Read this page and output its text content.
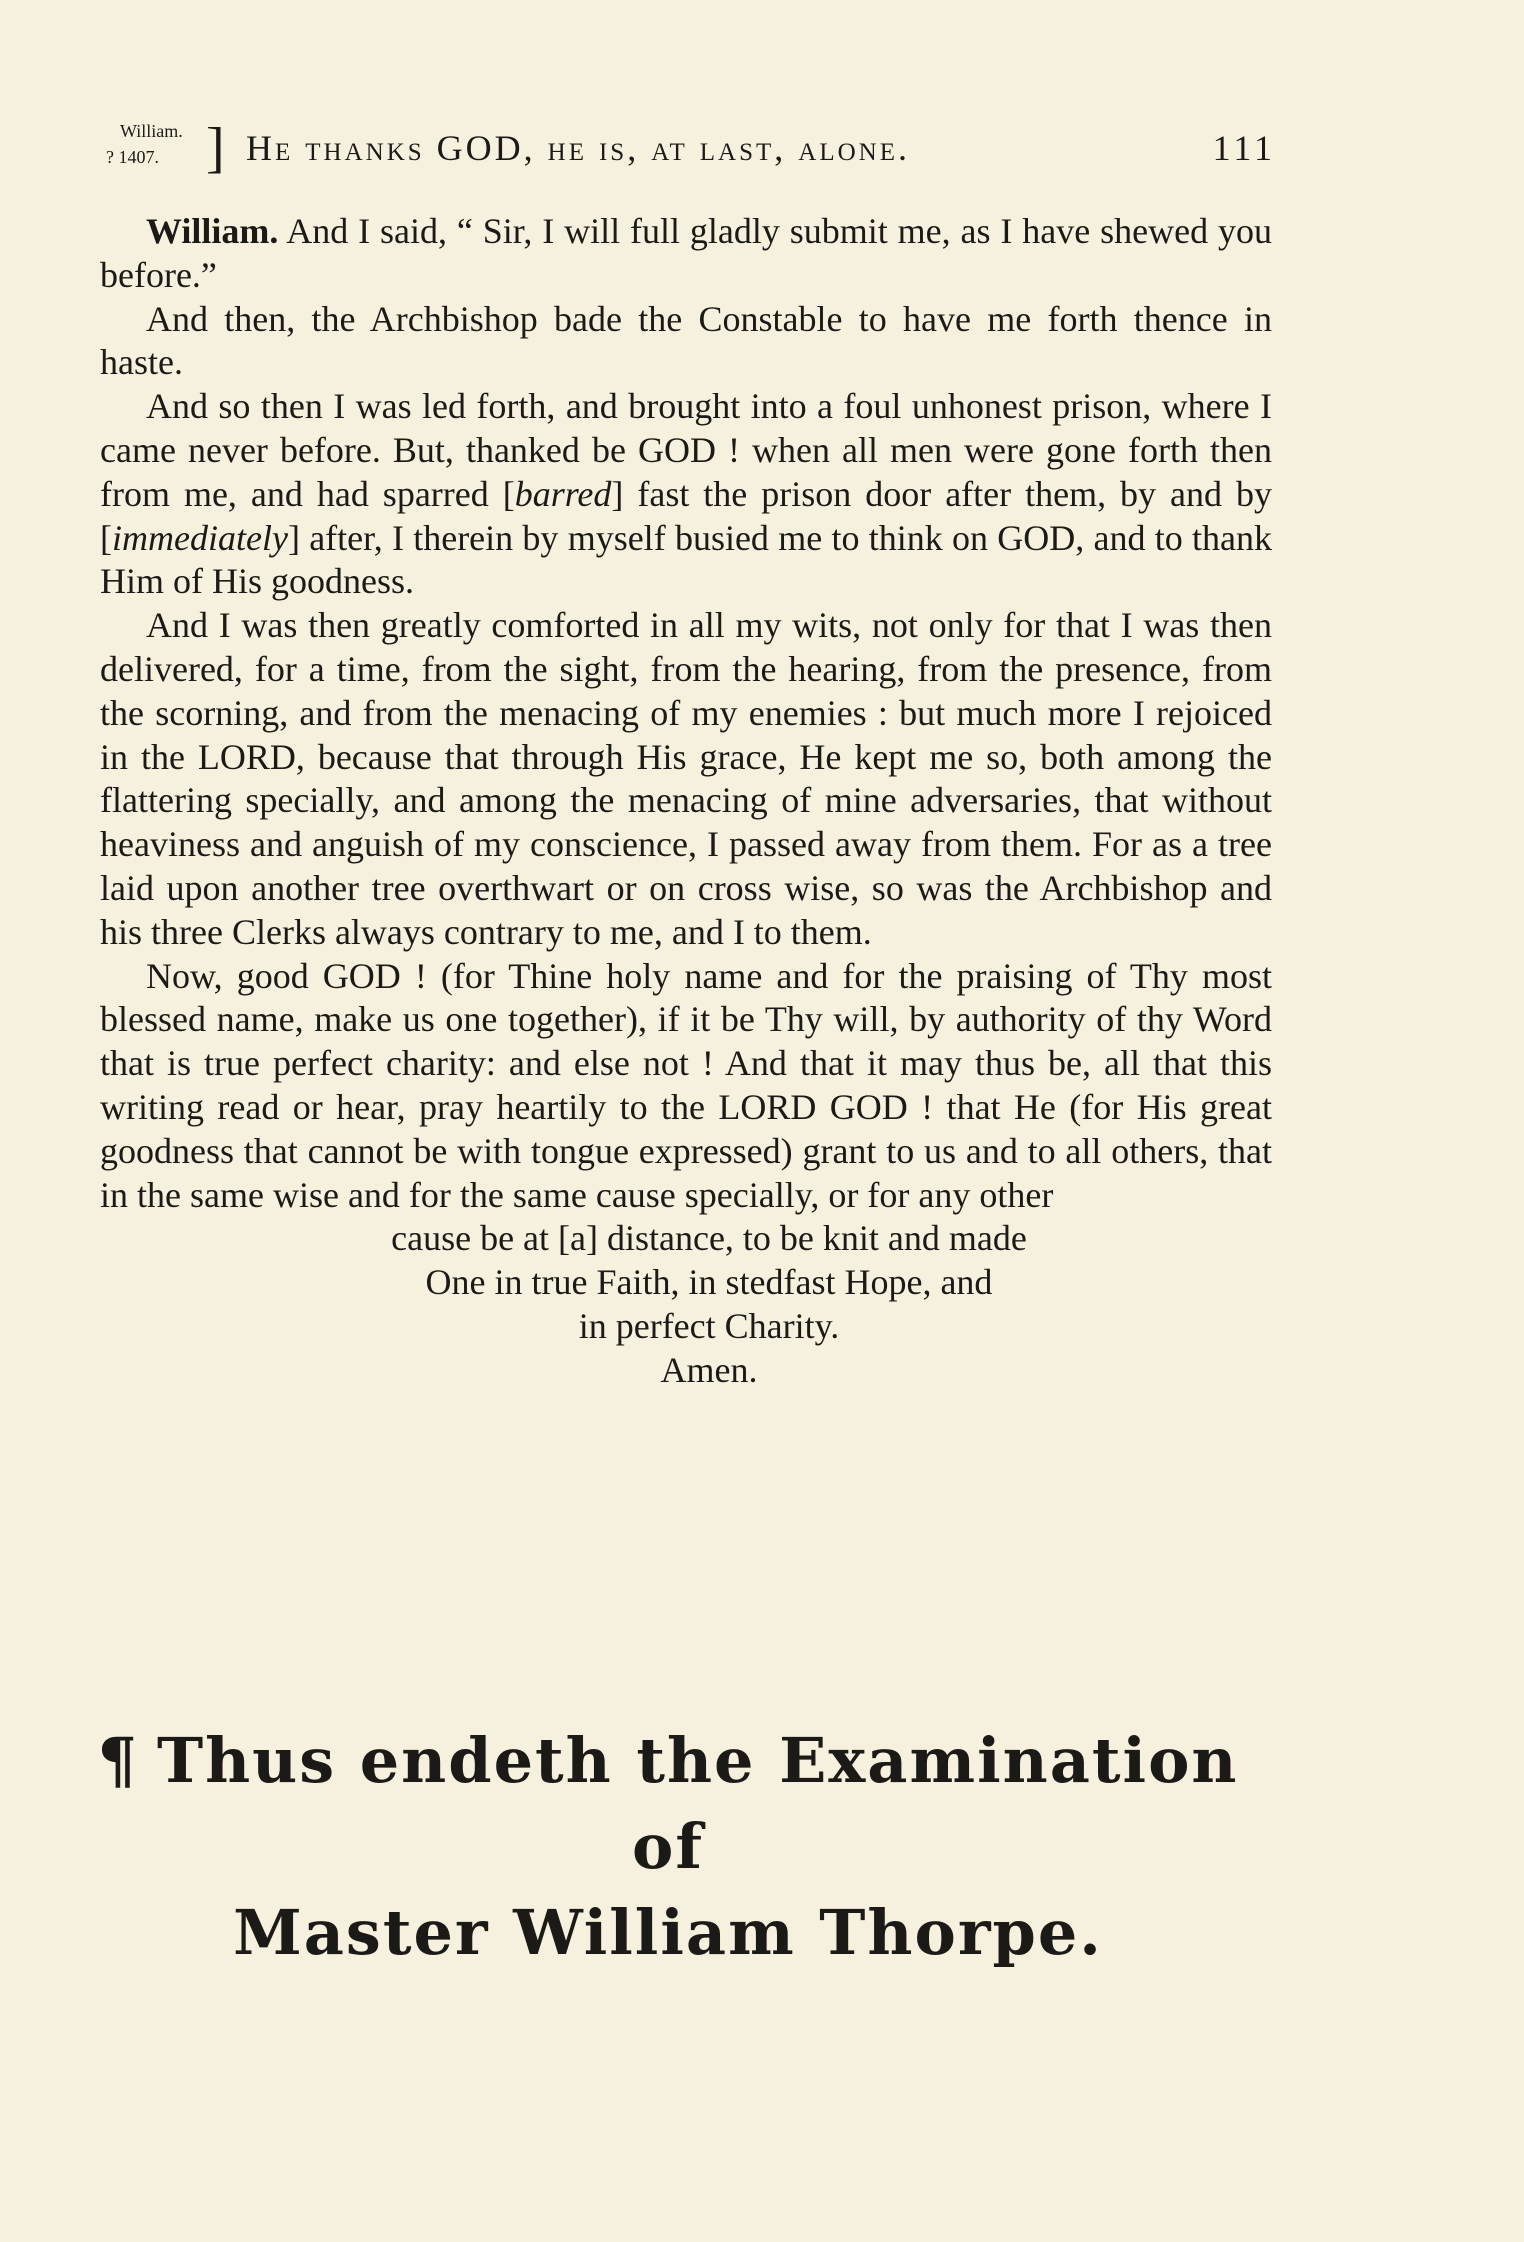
William.
? 1407. ] He thanks GOD, he is, at last, alone.	111

William. And I said, “ Sir, I will full gladly submit me, as I have shewed you before.”

And then, the Archbishop bade the Constable to have me forth thence in haste.

And so then I was led forth, and brought into a foul unhonest prison, where I came never before. But, thanked be GOD ! when all men were gone forth then from me, and had sparred [barred] fast the prison door after them, by and by [immediately] after, I therein by myself busied me to think on GOD, and to thank Him of His goodness.

And I was then greatly comforted in all my wits, not only for that I was then delivered, for a time, from the sight, from the hearing, from the presence, from the scorning, and from the menacing of my enemies : but much more I rejoiced in the LORD, because that through His grace, He kept me so, both among the flattering specially, and among the menacing of mine adversaries, that without heaviness and anguish of my conscience, I passed away from them. For as a tree laid upon another tree overthwart or on cross wise, so was the Archbishop and his three Clerks always contrary to me, and I to them.

Now, good GOD ! (for Thine holy name and for the praising of Thy most blessed name, make us one together), if it be Thy will, by authority of thy Word that is true perfect charity: and else not ! And that it may thus be, all that this writing read or hear, pray heartily to the LORD GOD ! that He (for His great goodness that cannot be with tongue expressed) grant to us and to all others, that in the same wise and for the same cause specially, or for any other

cause be at [a] distance, to be knit and made

One in true Faith, in stedfast Hope, and

in perfect Charity.

Amen.

¶ Thus endeth the Examination of
Master William Thorpe.
